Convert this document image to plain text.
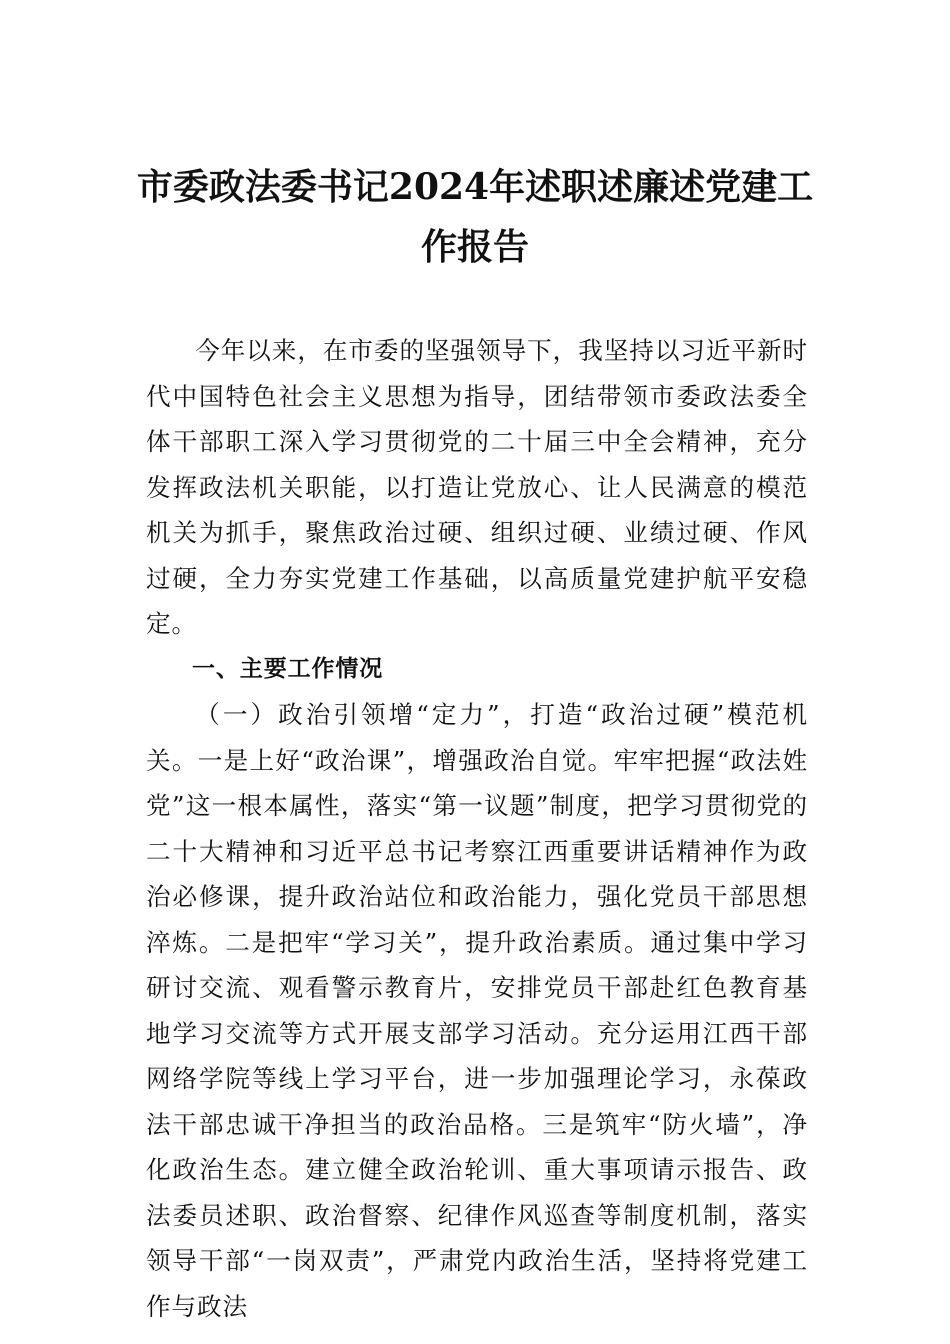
市委政法委书记2024年述职述廉述党建工
作报告

今年以来，在市委的坚强领导下，我坚持以习近平新时代中国特色社会主义思想为指导，团结带领市委政法委全体干部职工深入学习贯彻党的二十届三中全会精神，充分发挥政法机关职能，以打造让党放心、让人民满意的模范机关为抓手，聚焦政治过硬、组织过硬、业绩过硬、作风过硬，全力夯实党建工作基础，以高质量党建护航平安稳定。

一、主要工作情况

（一）政治引领增“定力”，打造“政治过硬”模范机关。一是上好“政治课”，增强政治自觉。牢牢把握“政法姓党”这一根本属性，落实“第一议题”制度，把学习贯彻党的二十大精神和习近平总书记考察江西重要讲话精神作为政治必修课，提升政治站位和政治能力，强化党员干部思想淬炼。二是把牢“学习关”，提升政治素质。通过集中学习研讨交流、观看警示教育片，安排党员干部赴红色教育基地学习交流等方式开展支部学习活动。充分运用江西干部网络学院等线上学习平台，进一步加强理论学习，永葆政法干部忠诚干净担当的政治品格。三是筑牢“防火墙”，净化政治生态。建立健全政治轮训、重大事项请示报告、政法委员述职、政治督察、纪律作风巡查等制度机制，落实领导干部“一岗双责”，严肃党内政治生活，坚持将党建工作与政法
